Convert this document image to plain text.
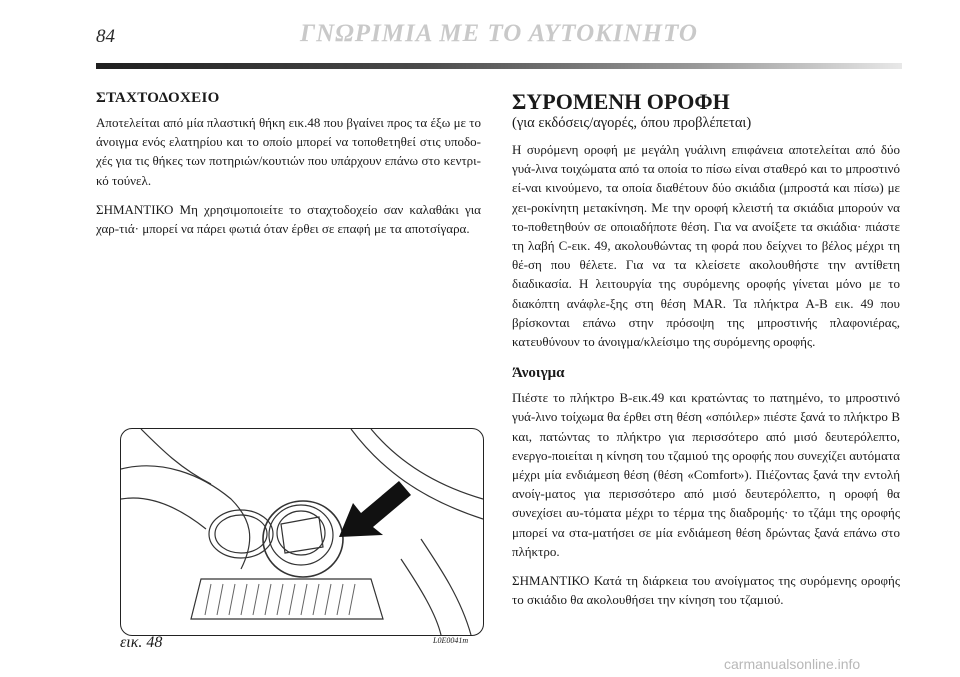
84	ΓΝΩΡΙΜΙΑ ΜΕ ΤΟ ΑΥΤΟΚΙΝΗΤΟ
ΣΤΑΧΤΟΔΟΧΕΙΟ

Αποτελείται από μία πλαστική θήκη εικ.48 που βγαίνει προς τα έξω με το άνοιγμα ενός ελατηρίου και το οποίο μπορεί να τοποθετηθεί στις υποδο-χές για τις θήκες των ποτηριών/κουτιών που υπάρχουν επάνω στο κεντρι-κό τούνελ.

ΣΗΜΑΝΤΙΚΟ Μη χρησιμοποιείτε το σταχτοδοχείο σαν καλαθάκι για χαρ-τιά· μπορεί να πάρει φωτιά όταν έρθει σε επαφή με τα αποτσίγαρα.

εικ. 48	L0E0041m
ΣΥΡΟΜΕΝΗ ΟΡΟΦΗ
(για εκδόσεις/αγορές, όπου προβλέπεται)

Η συρόμενη οροφή με μεγάλη γυάλινη επιφάνεια αποτελείται από δύο γυά-λινα τοιχώματα από τα οποία το πίσω είναι σταθερό και το μπροστινό εί-ναι κινούμενο, τα οποία διαθέτουν δύο σκιάδια (μπροστά και πίσω) με χει-ροκίνητη μετακίνηση. Με την οροφή κλειστή τα σκιάδια μπορούν να το-ποθετηθούν σε οποιαδήποτε θέση. Για να ανοίξετε τα σκιάδια· πιάστε τη λαβή C-εικ. 49, ακολουθώντας τη φορά που δείχνει το βέλος μέχρι τη θέ-ση που θέλετε. Για να τα κλείσετε ακολουθήστε την αντίθετη διαδικασία. Η λειτουργία της συρόμενης οροφής γίνεται μόνο με το διακόπτη ανάφλε-ξης στη θέση MAR. Τα πλήκτρα A-B εικ. 49 που βρίσκονται επάνω στην πρόσοψη της μπροστινής πλαφονιέρας, κατευθύνουν το άνοιγμα/κλείσιμο της συρόμενης οροφής.

Άνοιγμα

Πιέστε το πλήκτρο B-εικ.49 και κρατώντας το πατημένο, το μπροστινό γυά-λινο τοίχωμα θα έρθει στη θέση «σπόιλερ» πιέστε ξανά το πλήκτρο B και, πατώντας το πλήκτρο για περισσότερο από μισό δευτερόλεπτο, ενεργο-ποιείται η κίνηση του τζαμιού της οροφής που συνεχίζει αυτόματα μέχρι μία ενδιάμεση θέση (θέση «Comfort»). Πιέζοντας ξανά την εντολή ανοίγ-ματος για περισσότερο από μισό δευτερόλεπτο, η οροφή θα συνεχίσει αυ-τόματα μέχρι το τέρμα της διαδρομής· το τζάμι της οροφής μπορεί να στα-ματήσει σε μία ενδιάμεση θέση δρώντας ξανά επάνω στο πλήκτρο.

ΣΗΜΑΝΤΙΚΟ Κατά τη διάρκεια του ανοίγματος της συρόμενης οροφής το σκιάδιο θα ακολουθήσει την κίνηση του τζαμιού.

carmanualsonline.info
